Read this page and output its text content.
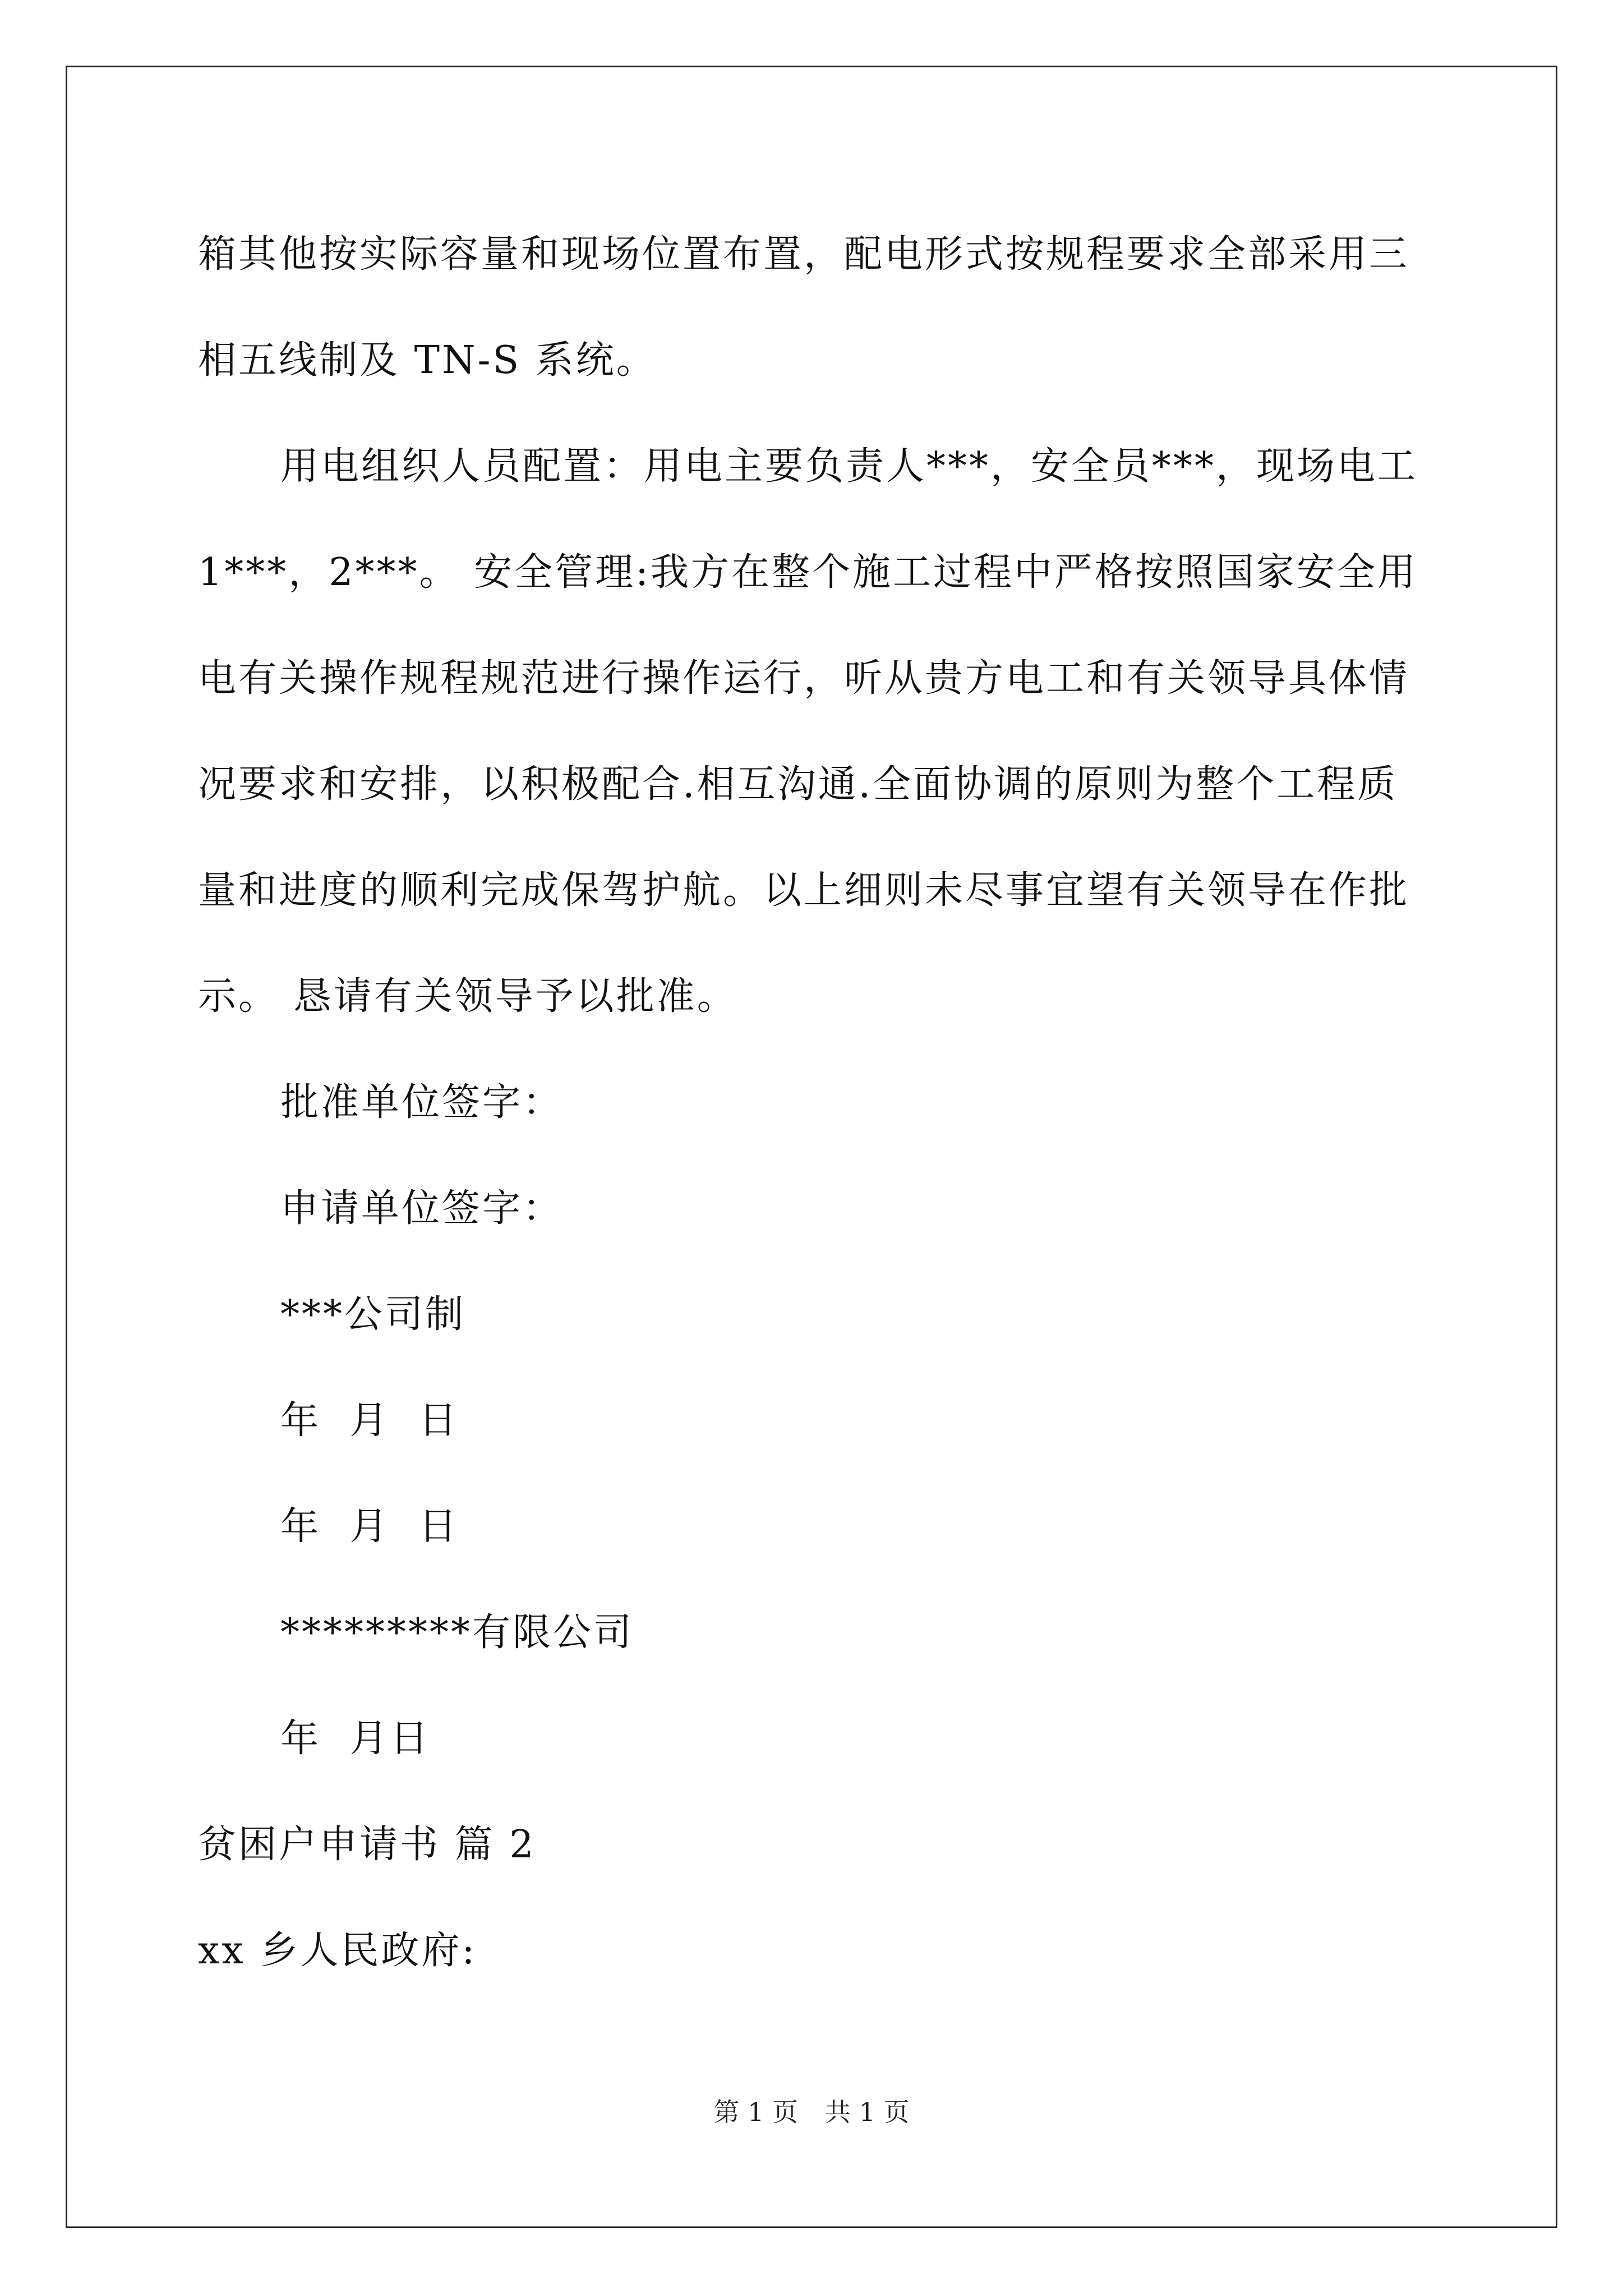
箱其他按实际容量和现场位置布置，配电形式按规程要求全部采用三
相五线制及 TN-S 系统。
用电组织人员配置：用电主要负责人***，安全员***，现场电工
1***，2***。 安全管理:我方在整个施工过程中严格按照国家安全用
电有关操作规程规范进行操作运行，听从贵方电工和有关领导具体情
况要求和安排，以积极配合.相互沟通.全面协调的原则为整个工程质
量和进度的顺利完成保驾护航。以上细则未尽事宜望有关领导在作批
示。 恳请有关领导予以批准。
批准单位签字：
申请单位签字：
***公司制
年  月  日
年  月  日
*********有限公司
年  月日
贫困户申请书 篇 2
xx 乡人民政府:
第 1 页 共 1 页
